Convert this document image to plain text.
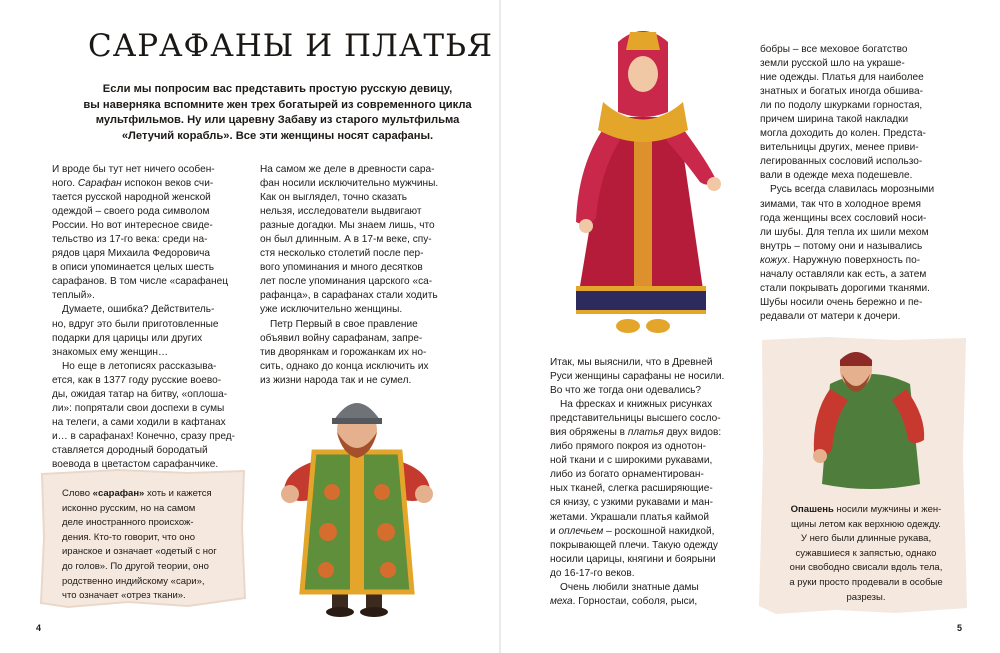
САРАФАНЫ И ПЛАТЬЯ
Если мы попросим вас представить простую русскую девицу,
вы наверняка вспомните жен трех богатырей из современного цикла
мультфильмов. Ну или царевну Забаву из старого мультфильма
«Летучий корабль». Все эти женщины носят сарафаны.
И вроде бы тут нет ничего особен-
ного. Сарафан испокон веков счи-
тается русской народной женской
одеждой – своего рода символом
России. Но вот интересное свиде-
тельство из 17-го века: среди на-
рядов царя Михаила Федоровича
в описи упоминается целых шесть
сарафанов. В том числе «сарафанец
теплый».
Думаете, ошибка? Действитель-
но, вдруг это были приготовленные
подарки для царицы или других
знакомых ему женщин…
Но еще в летописях рассказыва-
ется, как в 1377 году русские воево-
ды, ожидая татар на битву, «оплоша-
ли»: попрятали свои доспехи в сумы
на телеги, а сами ходили в кафтанах
и… в сарафанах! Конечно, сразу пред-
ставляется дородный бородатый
воевода в цветастом сарафанчике.
На самом же деле в древности сара-
фан носили исключительно мужчины.
Как он выглядел, точно сказать
нельзя, исследователи выдвигают
разные догадки. Мы знаем лишь, что
он был длинным. А в 17-м веке, спу-
стя несколько столетий после пер-
вого упоминания и много десятков
лет после упоминания царского «са-
рафанца», в сарафанах стали ходить
уже исключительно женщины.
Петр Первый в свое правление
объявил войну сарафанам, запре-
тив дворянкам и горожанкам их но-
сить, однако до конца исключить их
из жизни народа так и не сумел.
Слово «сарафан» хоть и кажется
исконно русским, но на самом
деле иностранного происхож-
дения. Кто-то говорит, что оно
иранское и означает «одетый с ног
до голов». По другой теории, оно
родственно индийскому «сари»,
что означает «отрез ткани».
4
Итак, мы выяснили, что в Древней
Руси женщины сарафаны не носили.
Во что же тогда они одевались?
На фресках и книжных рисунках
представительницы высшего сосло-
вия обряжены в платья двух видов:
либо прямого покроя из однотон-
ной ткани и с широкими рукавами,
либо из богато орнаментирован-
ных тканей, слегка расширяющие-
ся книзу, с узкими рукавами и ман-
жетами. Украшали платья каймой
и оплечьем – роскошной накидкой,
покрывающей плечи. Такую одежду
носили царицы, княгини и боярыни
до 16-17-го веков.
Очень любили знатные дамы
меха. Горностаи, соболя, рыси,
бобры – все меховое богатство
земли русской шло на украше-
ние одежды. Платья для наиболее
знатных и богатых иногда обшива-
ли по подолу шкурками горностая,
причем ширина такой накладки
могла доходить до колен. Предста-
вительницы других, менее приви-
легированных сословий использо-
вали в одежде меха подешевле.
Русь всегда славилась морозными
зимами, так что в холодное время
года женщины всех сословий носи-
ли шубы. Для тепла их шили мехом
внутрь – потому они и назывались
кожух. Наружную поверхность по-
началу оставляли как есть, а затем
стали покрывать дорогими тканями.
Шубы носили очень бережно и пе-
редавали от матери к дочери.
Опашень носили мужчины и жен-
щины летом как верхнюю одежду.
У него были длинные рукава,
сужавшиеся к запястью, однако
они свободно свисали вдоль тела,
а руки просто продевали в особые
разрезы.
5
